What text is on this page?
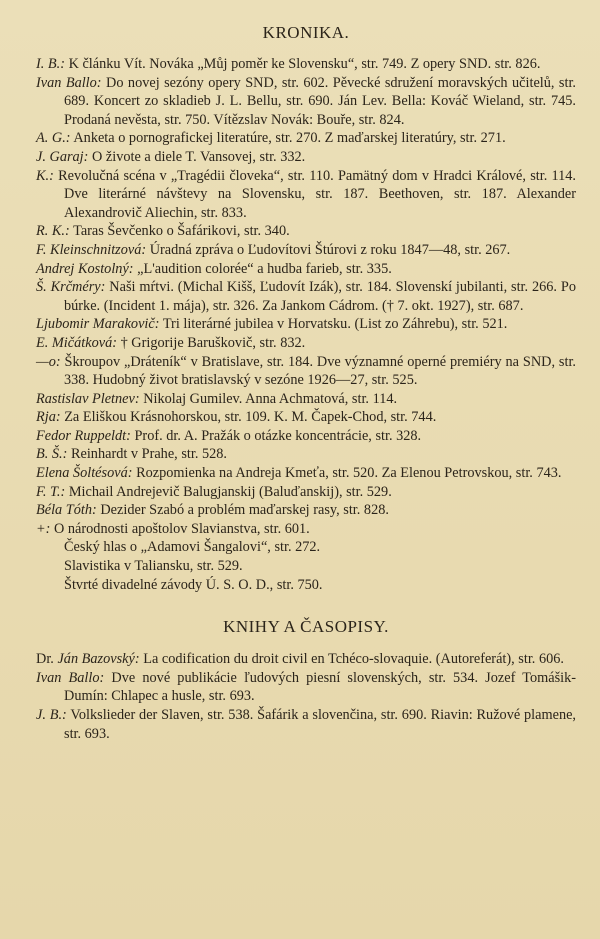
KRONIKA.

I. B.: K článku Vít. Nováka „Můj poměr ke Slovensku“, str. 749. Z opery SND. str. 826.

Ivan Ballo: Do novej sezóny opery SND, str. 602. Pěvecké sdružení moravských učitelů, str. 689. Koncert zo skladieb J. L. Bellu, str. 690. Ján Lev. Bella: Kováč Wieland, str. 745. Prodaná nevěsta, str. 750. Vítězslav Novák: Bouře, str. 824.

A. G.: Anketa o pornografickej literatúre, str. 270. Z maďarskej literatúry, str. 271.

J. Garaj: O živote a diele T. Vansovej, str. 332.

K.: Revolučná scéna v „Tragédii človeka“, str. 110. Pamätný dom v Hradci Králové, str. 114. Dve literárné návštevy na Slovensku, str. 187. Beethoven, str. 187. Alexander Alexandrovič Aliechin, str. 833.

R. K.: Taras Ševčenko o Šafárikovi, str. 340.

F. Kleinschnitzová: Úradná zpráva o Ľudovítovi Štúrovi z roku 1847—48, str. 267.

Andrej Kostolný: „L'audition colorée“ a hudba farieb, str. 335.

Š. Krčméry: Naši mŕtvi. (Michal Kišš, Ľudovít Izák), str. 184. Slovenskí jubilanti, str. 266. Po búrke. (Incident 1. mája), str. 326. Za Jankom Cádrom. († 7. okt. 1927), str. 687.

Ljubomir Marakovič: Tri literárné jubilea v Horvatsku. (List zo Záhrebu), str. 521.

E. Mičátková: † Grigorije Baruškovič, str. 832.

—o: Škroupov „Dráteník“ v Bratislave, str. 184. Dve významné operné premiéry na SND, str. 338. Hudobný život bratislavský v sezóne 1926—27, str. 525.

Rastislav Pletnev: Nikolaj Gumilev. Anna Achmatová, str. 114.

Rja: Za Eliškou Krásnohorskou, str. 109. K. M. Čapek-Chod, str. 744.

Fedor Ruppeldt: Prof. dr. A. Pražák o otázke koncentrácie, str. 328.

B. Š.: Reinhardt v Prahe, str. 528.

Elena Šoltésová: Rozpomienka na Andreja Kmeťa, str. 520. Za Elenou Petrovskou, str. 743.

F. T.: Michail Andrejevič Balugjanskij (Baluďanskij), str. 529.

Béla Tóth: Dezider Szabó a problém maďarskej rasy, str. 828.

+: O národnosti apoštolov Slavianstva, str. 601.

Český hlas o „Adamovi Šangalovi“, str. 272.
Slavistika v Taliansku, str. 529.
Štvrté divadelné závody Ú. S. O. D., str. 750.
KNIHY A ČASOPISY.

Dr. Ján Bazovský: La codification du droit civil en Tchéco-slovaquie. (Autoreferát), str. 606.

Ivan Ballo: Dve nové publikácie ľudových piesní slovenských, str. 534. Jozef Tomášik-Dumín: Chlapec a husle, str. 693.

J. B.: Volkslieder der Slaven, str. 538. Šafárik a slovenčina, str. 690. Riavin: Ružové plamene, str. 693.
